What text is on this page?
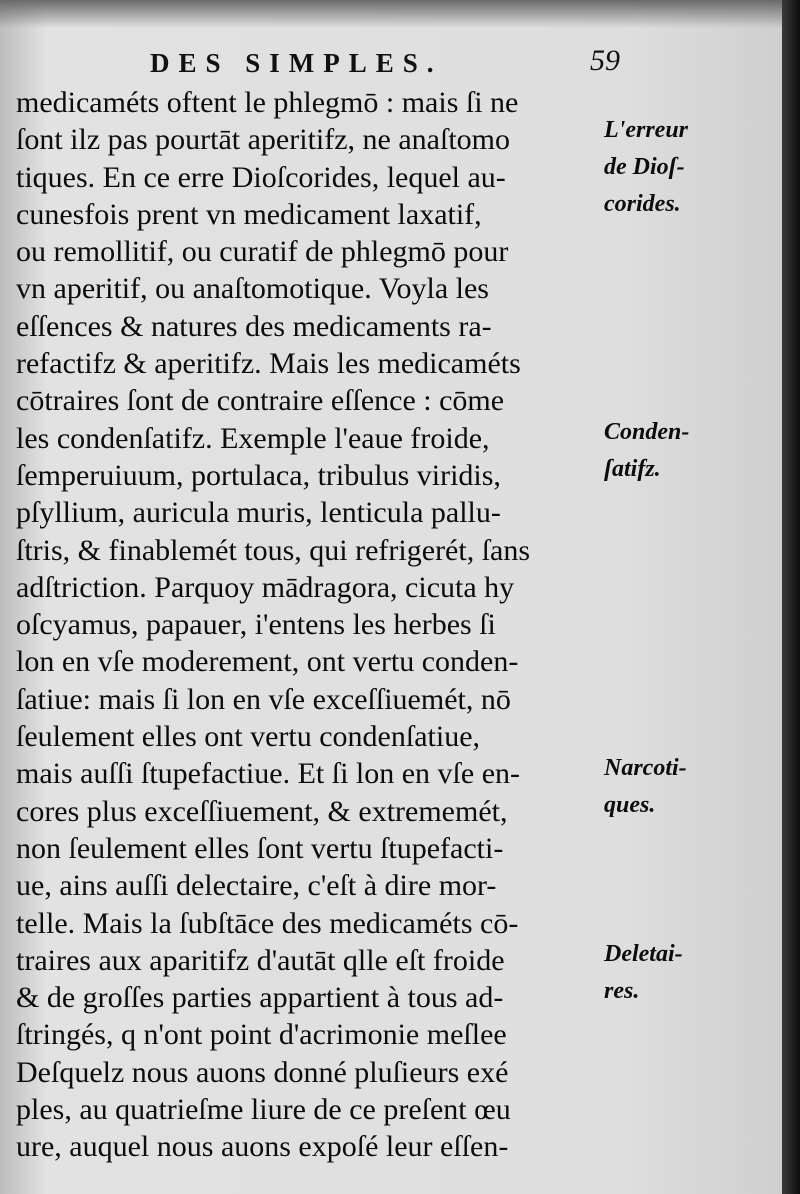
DES SIMPLES.	59
medicaméts oftent le phlegmō : mais ſi ne
ſont ilz pas pourtāt aperitifz, ne anaſtomo
tiques. En ce erre Dioſcorides, lequel au-
cunesfois prent vn medicament laxatif,
ou remollitif, ou curatif de phlegmō pour
vn aperitif, ou anaſtomotique. Voyla les
eſſences & natures des medicaments ra-
refactifz & aperitifz. Mais les medicaméts
cōtraires ſont de contraire eſſence : cōme
les condenſatifz. Exemple l'eaue froide,
ſemperuiuum, portulaca, tribulus viridis,
pſyllium, auricula muris, lenticula pallu-
ſtris, & finablemét tous, qui refrigerét, ſans
adſtriction. Parquoy mādragora, cicuta hy
oſcyamus, papauer, i'entens les herbes ſi
lon en vſe moderement, ont vertu conden-
ſatiue: mais ſi lon en vſe exceſſiuemét, nō
ſeulement elles ont vertu condenſatiue,
mais auſſi ſtupefactiue. Et ſi lon en vſe en-
cores plus exceſſiuement, & extrememét,
non ſeulement elles ſont vertu ſtupefacti-
ue, ains auſſi delectaire, c'eſt à dire mor-
telle. Mais la ſubſtāce des medicaméts cō-
traires aux aparitifz d'autāt qlle eſt froide
& de groſſes parties appartient à tous ad-
ſtringés, q n'ont point d'acrimonie meſlee
Deſquelz nous auons donné pluſieurs exé
ples, au quatrieſme liure de ce preſent œu
ure, auquel nous auons expoſé leur eſſen-
L'erreur
de Dioſ-
corides.
Conden-
ſatifz.
Narcoti-
ques.
Deletai-
res.
